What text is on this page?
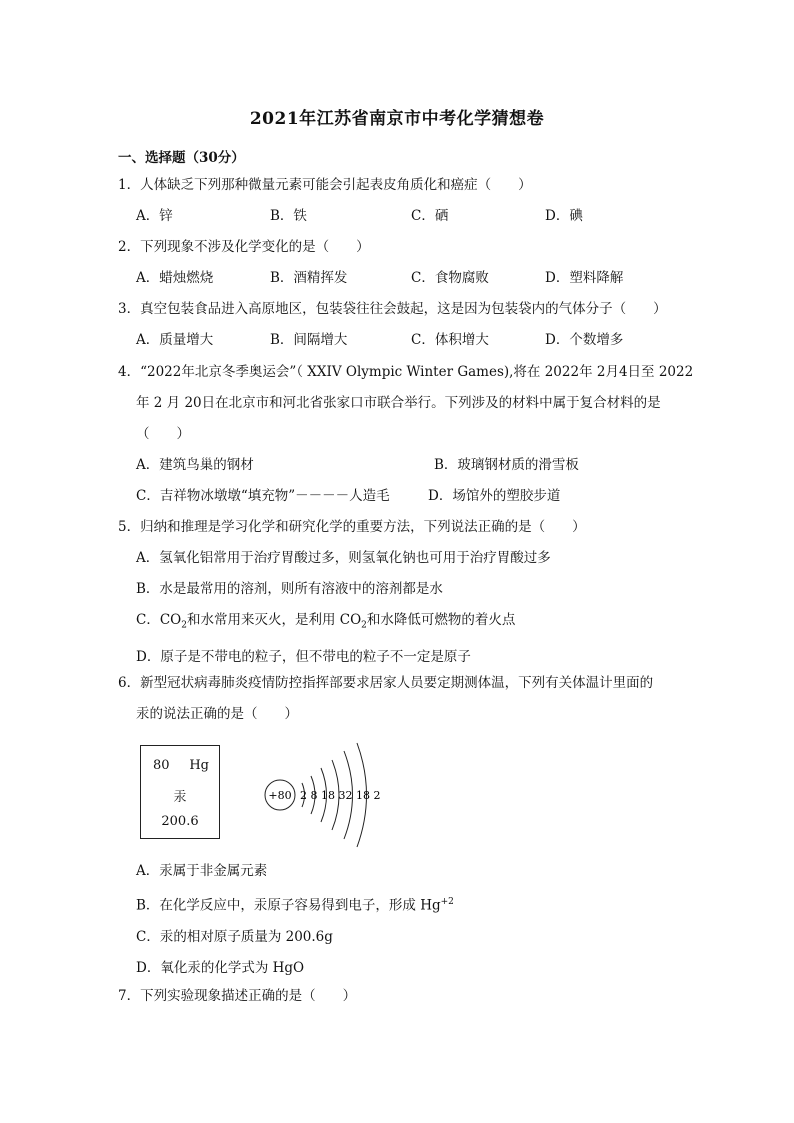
2021年江苏省南京市中考化学猜想卷
一、选择题（30分）
1．人体缺乏下列那种微量元素可能会引起表皮角质化和癌症（　　）
A．锌	B．铁	C．硒	D．碘
2．下列现象不涉及化学变化的是（　　）
A．蜡烛燃烧	B．酒精挥发	C．食物腐败	D．塑料降解
3．真空包装食品进入高原地区，包装袋往往会鼓起，这是因为包装袋内的气体分子（　　）
A．质量增大	B．间隔增大	C．体积增大	D．个数增多
4．“2022年北京冬季奥运会”（ XXIV Olympic Winter Games),将在 2022年 2月4日至 2022
年 2 月 20日在北京市和河北省张家口市联合举行。下列涉及的材料中属于复合材料的是
（　　）
A．建筑鸟巢的钢材	B．玻璃钢材质的滑雪板
C．吉祥物冰墩墩“填充物”－－－－人造毛	D．场馆外的塑胶步道
5．归纳和推理是学习化学和研究化学的重要方法，下列说法正确的是（　　）
A．氢氧化铝常用于治疗胃酸过多，则氢氧化钠也可用于治疗胃酸过多
B．水是最常用的溶剂，则所有溶液中的溶剂都是水
C．$CO_2$和水常用来灭火，是利用 $CO_2$和水降低可燃物的着火点
D．原子是不带电的粒子，但不带电的粒子不一定是原子
6．新型冠状病毒肺炎疫情防控指挥部要求居家人员要定期测体温，下列有关体温计里面的
汞的说法正确的是（　　）
80 Hg
汞
200.6
+80 2 8 18 32 18 2
A．汞属于非金属元素
B．在化学反应中，汞原子容易得到电子，形成 $Hg^{+2}$
C．汞的相对原子质量为 200.6g
D．氧化汞的化学式为 HgO
7．下列实验现象描述正确的是（　　）
